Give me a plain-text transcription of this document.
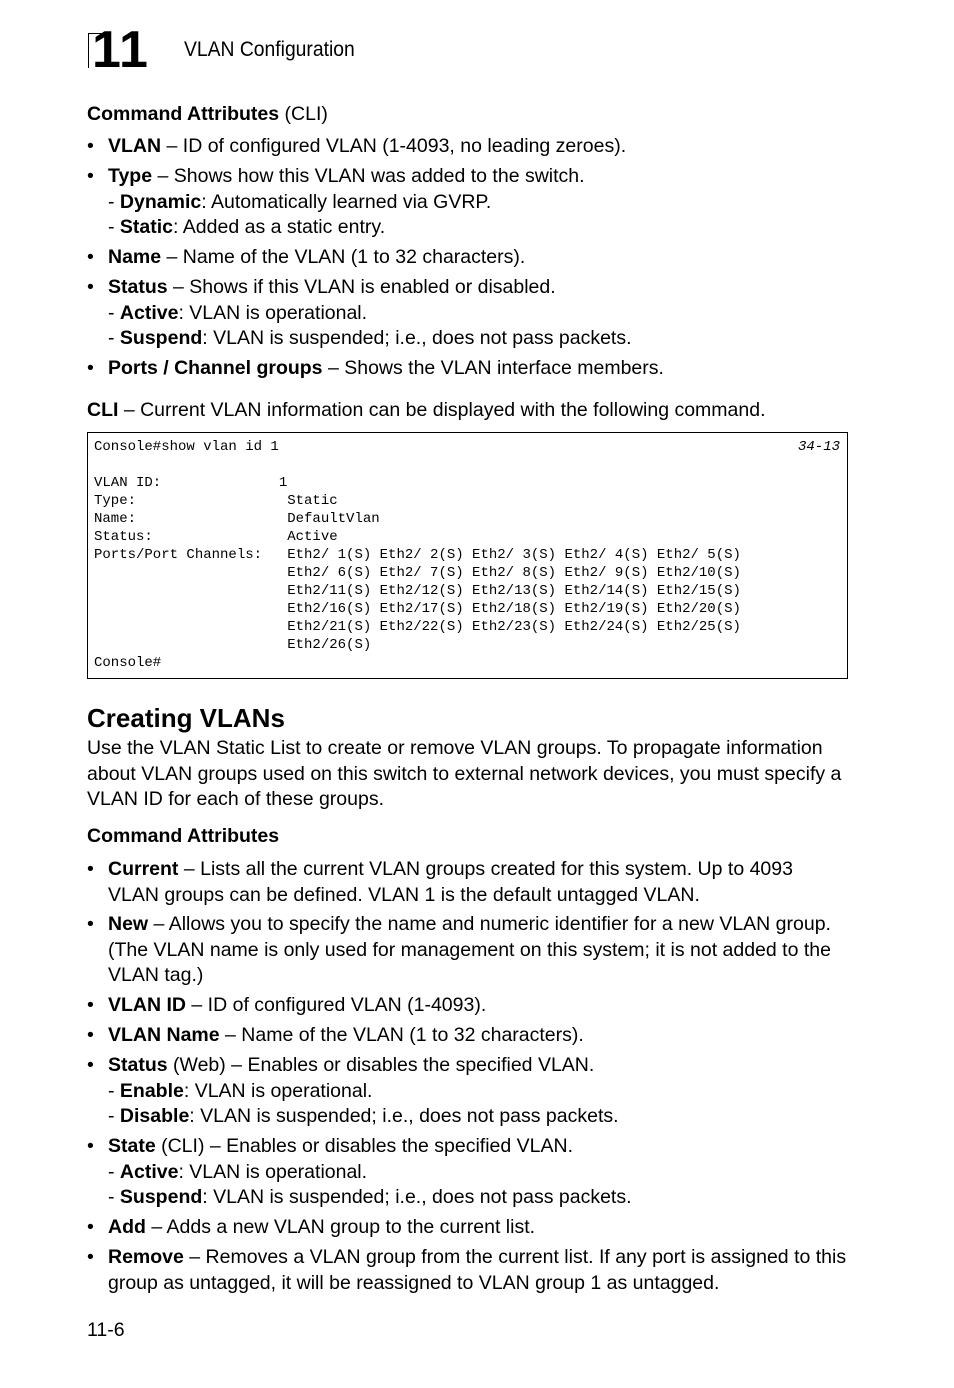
11 VLAN Configuration
Command Attributes (CLI)
• VLAN – ID of configured VLAN (1-4093, no leading zeroes).
• Type – Shows how this VLAN was added to the switch.
- Dynamic: Automatically learned via GVRP.
- Static: Added as a static entry.
• Name – Name of the VLAN (1 to 32 characters).
• Status – Shows if this VLAN is enabled or disabled.
- Active: VLAN is operational.
- Suspend: VLAN is suspended; i.e., does not pass packets.
• Ports / Channel groups – Shows the VLAN interface members.
CLI – Current VLAN information can be displayed with the following command.
Console#show vlan id 1

VLAN ID:              1
Type:                  Static
Name:                  DefaultVlan
Status:                Active
Ports/Port Channels:   Eth2/ 1(S) Eth2/ 2(S) Eth2/ 3(S) Eth2/ 4(S) Eth2/ 5(S)
Eth2/ 6(S) Eth2/ 7(S) Eth2/ 8(S) Eth2/ 9(S) Eth2/10(S)
Eth2/11(S) Eth2/12(S) Eth2/13(S) Eth2/14(S) Eth2/15(S)
Eth2/16(S) Eth2/17(S) Eth2/18(S) Eth2/19(S) Eth2/20(S)
Eth2/21(S) Eth2/22(S) Eth2/23(S) Eth2/24(S) Eth2/25(S)
Eth2/26(S)
Console#
34-13
Creating VLANs
Use the VLAN Static List to create or remove VLAN groups. To propagate information about VLAN groups used on this switch to external network devices, you must specify a VLAN ID for each of these groups.
Command Attributes
• Current – Lists all the current VLAN groups created for this system. Up to 4093 VLAN groups can be defined. VLAN 1 is the default untagged VLAN.
• New – Allows you to specify the name and numeric identifier for a new VLAN group. (The VLAN name is only used for management on this system; it is not added to the VLAN tag.)
• VLAN ID – ID of configured VLAN (1-4093).
• VLAN Name – Name of the VLAN (1 to 32 characters).
• Status (Web) – Enables or disables the specified VLAN.
- Enable: VLAN is operational.
- Disable: VLAN is suspended; i.e., does not pass packets.
• State (CLI) – Enables or disables the specified VLAN.
- Active: VLAN is operational.
- Suspend: VLAN is suspended; i.e., does not pass packets.
• Add – Adds a new VLAN group to the current list.
• Remove – Removes a VLAN group from the current list. If any port is assigned to this group as untagged, it will be reassigned to VLAN group 1 as untagged.
11-6
